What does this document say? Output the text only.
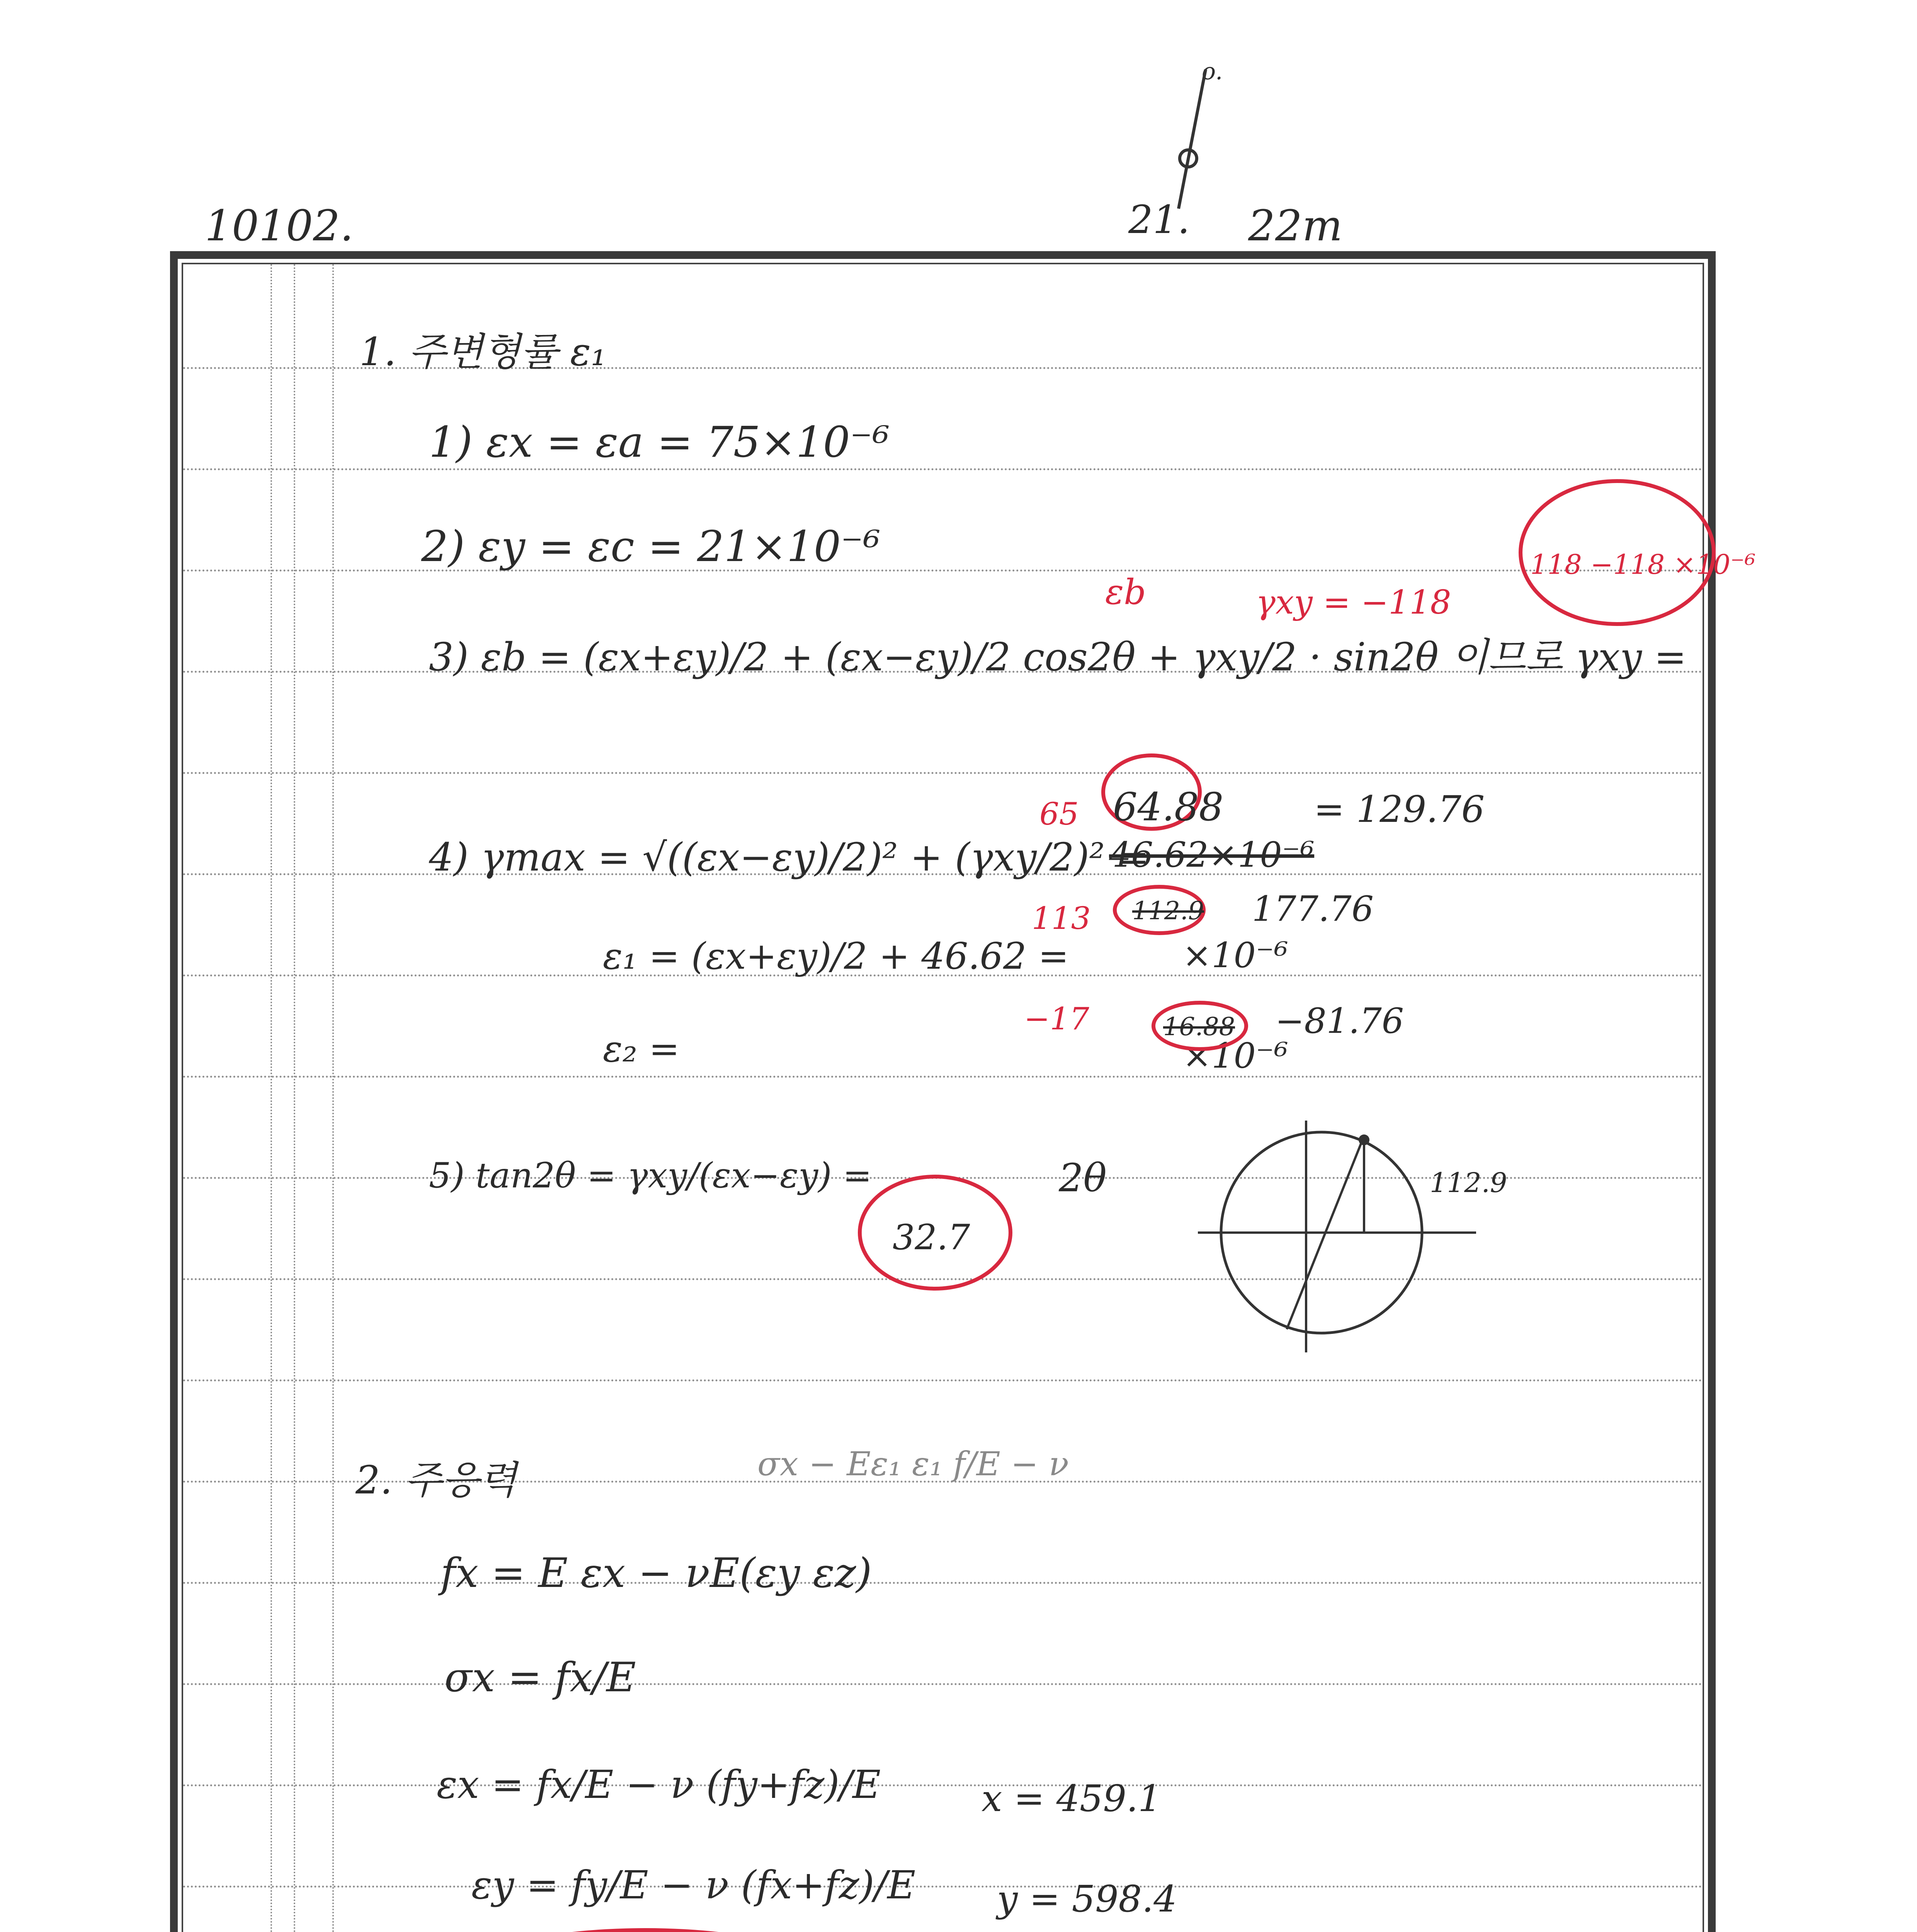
10102.
o.
21. 22m
1. 주변형률 ε₁
1) εx = εa = 75×10⁻⁶
2) εy = εc = 21×10⁻⁶
3) εb = (εx+εy)/2 + (εx−εy)/2 cos2θ + γxy/2 · sin2θ 이므로 γxy =
4) γmax = √((εx−εy)/2)² + (γxy/2)² =
ε₁ = (εx+εy)/2 + 46.62 =
ε₂ =
46.62×10⁻⁶
= 129.76
177.76
×10⁻⁶
−81.76
×10⁻⁶
5) tan2θ = γxy/(εx−εy) =	2θ	112.9
εb	γxy = −118
118 −118 ×10⁻⁶
65 64.88
113 112.9
−17	16.88
32.7
2. 주응력	σx − Eε₁ ε₁ f/E − ν
fx = E εx − νE(εy εz)
σx = fx/E
εx = fx/E − ν (fy+fz)/E
εy = fy/E − ν (fx+fz)/E
x = 459.1
y = 598.4
